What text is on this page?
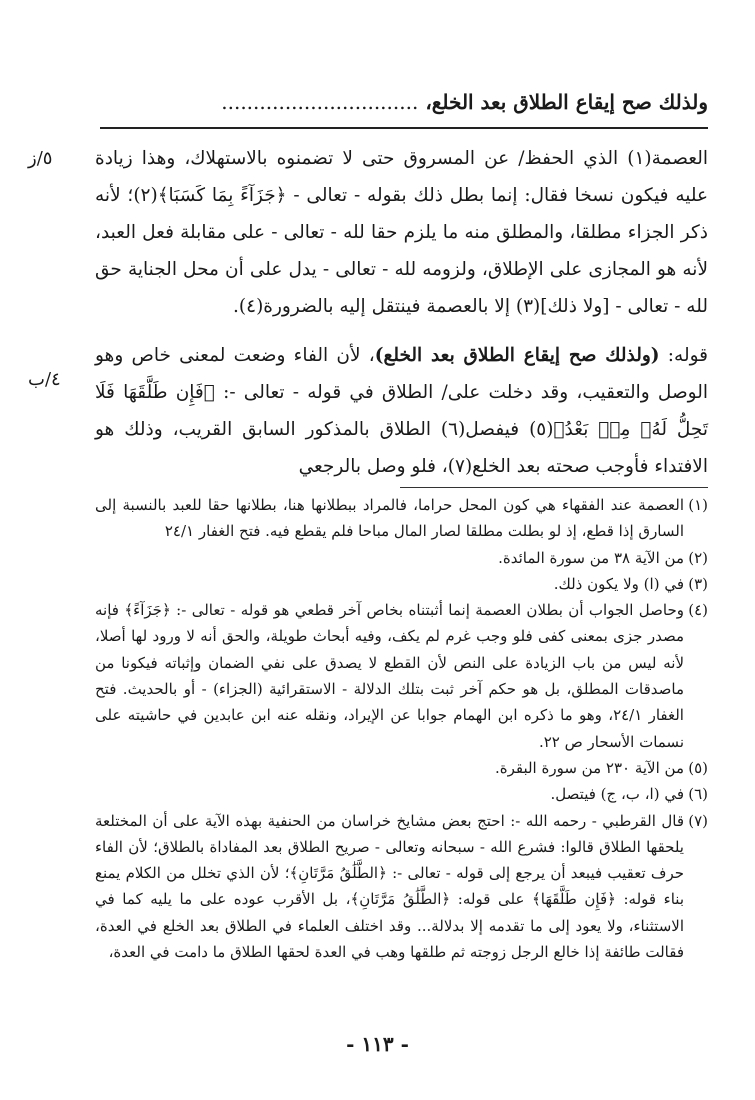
ولذلك صح إيقاع الطلاق بعد الخلع، ...............................
٥/ز
٤/ب

العصمة(١) الذي الحفظ/ عن المسروق حتى لا تضمنوه بالاستهلاك، وهذا زيادة عليه فيكون نسخا فقال: إنما بطل ذلك بقوله - تعالى - ﴿جَزَآءً بِمَا كَسَبَا﴾(٢)؛ لأنه ذكر الجزاء مطلقا، والمطلق منه ما يلزم حقا لله - تعالى - على مقابلة فعل العبد، لأنه هو المجازى على الإطلاق، ولزومه لله - تعالى - يدل على أن محل الجناية حق لله - تعالى - [ولا ذلك](٣) إلا بالعصمة فينتقل إليه بالضرورة(٤).

قوله: (ولذلك صح إيقاع الطلاق بعد الخلع)، لأن الفاء وضعت لمعنى خاص وهو الوصل والتعقيب، وقد دخلت على/ الطلاق في قوله - تعالى -: ﴿فَإِن طَلَّقَهَا فَلَا تَحِلُّ لَهُۥ مِنۢ بَعْدُ﴾(٥) فيفصل(٦) الطلاق بالمذكور السابق القريب، وذلك هو الافتداء فأوجب صحته بعد الخلع(٧)، فلو وصل بالرجعي

(١)
العصمة عند الفقهاء هي كون المحل حراما، فالمراد ببطلانها هنا، بطلانها حقا للعبد بالنسبة إلى السارق إذا قطع، إذ لو بطلت مطلقا لصار المال مباحا فلم يقطع فيه. فتح الغفار ٢٤/١
(٢)
من الآية ٣٨ من سورة المائدة.
(٣)
في (ا) ولا يكون ذلك.
(٤)
وحاصل الجواب أن بطلان العصمة إنما أثبتناه بخاص آخر قطعي هو قوله - تعالى -: ﴿جَزَآءً﴾ فإنه مصدر جزى بمعنى كفى فلو وجب غرم لم يكف، وفيه أبحاث طويلة، والحق أنه لا ورود لها أصلا، لأنه ليس من باب الزيادة على النص لأن القطع لا يصدق على نفي الضمان وإثباته فيكونا من ماصدقات المطلق، بل هو حكم آخر ثبت بتلك الدلالة - الاستقرائية (الجزاء) - أو بالحديث. فتح الغفار ٢٤/١، وهو ما ذكره ابن الهمام جوابا عن الإيراد، ونقله عنه ابن عابدين في حاشيته على نسمات الأسحار ص ٢٢.
(٥)
من الآية ٢٣٠ من سورة البقرة.
(٦)
في (ا، ب، ج) فيتصل.
(٧)
قال القرطبي - رحمه الله -: احتج بعض مشايخ خراسان من الحنفية بهذه الآية على أن المختلعة يلحقها الطلاق قالوا: فشرع الله - سبحانه وتعالى - صريح الطلاق بعد المفاداة بالطلاق؛ لأن الفاء حرف تعقيب فيبعد أن يرجع إلى قوله - تعالى -: ﴿الطَّلَٰقُ مَرَّتَانِ﴾؛ لأن الذي تخلل من الكلام يمنع بناء قوله: ﴿فَإِن طَلَّقَهَا﴾ على قوله: ﴿الطَّلَٰقُ مَرَّتَانِ﴾، بل الأقرب عوده على ما يليه كما في الاستثناء، ولا يعود إلى ما تقدمه إلا بدلالة... وقد اختلف العلماء في الطلاق بعد الخلع في العدة، فقالت طائفة إذا خالع الرجل زوجته ثم طلقها وهب في العدة لحقها الطلاق ما دامت في العدة،
- ١١٣ -
